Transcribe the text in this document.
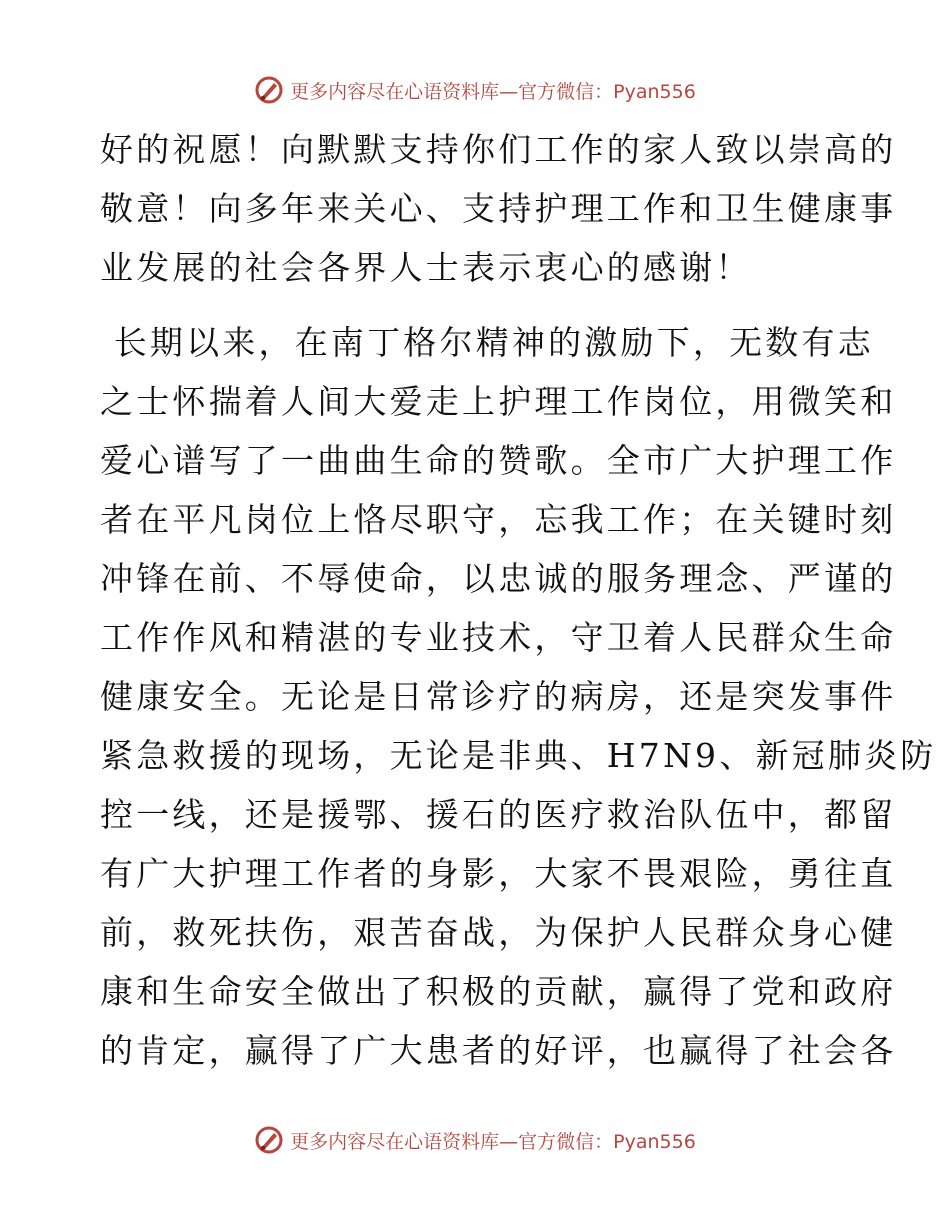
更多内容尽在心语资料库—官方微信：Pyan556
好的祝愿！向默默支持你们工作的家人致以崇高的
敬意！向多年来关心、支持护理工作和卫生健康事
业发展的社会各界人士表示衷心的感谢！
长期以来，在南丁格尔精神的激励下，无数有志
之士怀揣着人间大爱走上护理工作岗位，用微笑和
爱心谱写了一曲曲生命的赞歌。全市广大护理工作
者在平凡岗位上恪尽职守，忘我工作；在关键时刻
冲锋在前、不辱使命，以忠诚的服务理念、严谨的
工作作风和精湛的专业技术，守卫着人民群众生命
健康安全。无论是日常诊疗的病房，还是突发事件
紧急救援的现场，无论是非典、H7N9、新冠肺炎防
控一线，还是援鄂、援石的医疗救治队伍中，都留
有广大护理工作者的身影，大家不畏艰险，勇往直
前，救死扶伤，艰苦奋战，为保护人民群众身心健
康和生命安全做出了积极的贡献，赢得了党和政府
的肯定，赢得了广大患者的好评，也赢得了社会各
更多内容尽在心语资料库—官方微信：Pyan556
